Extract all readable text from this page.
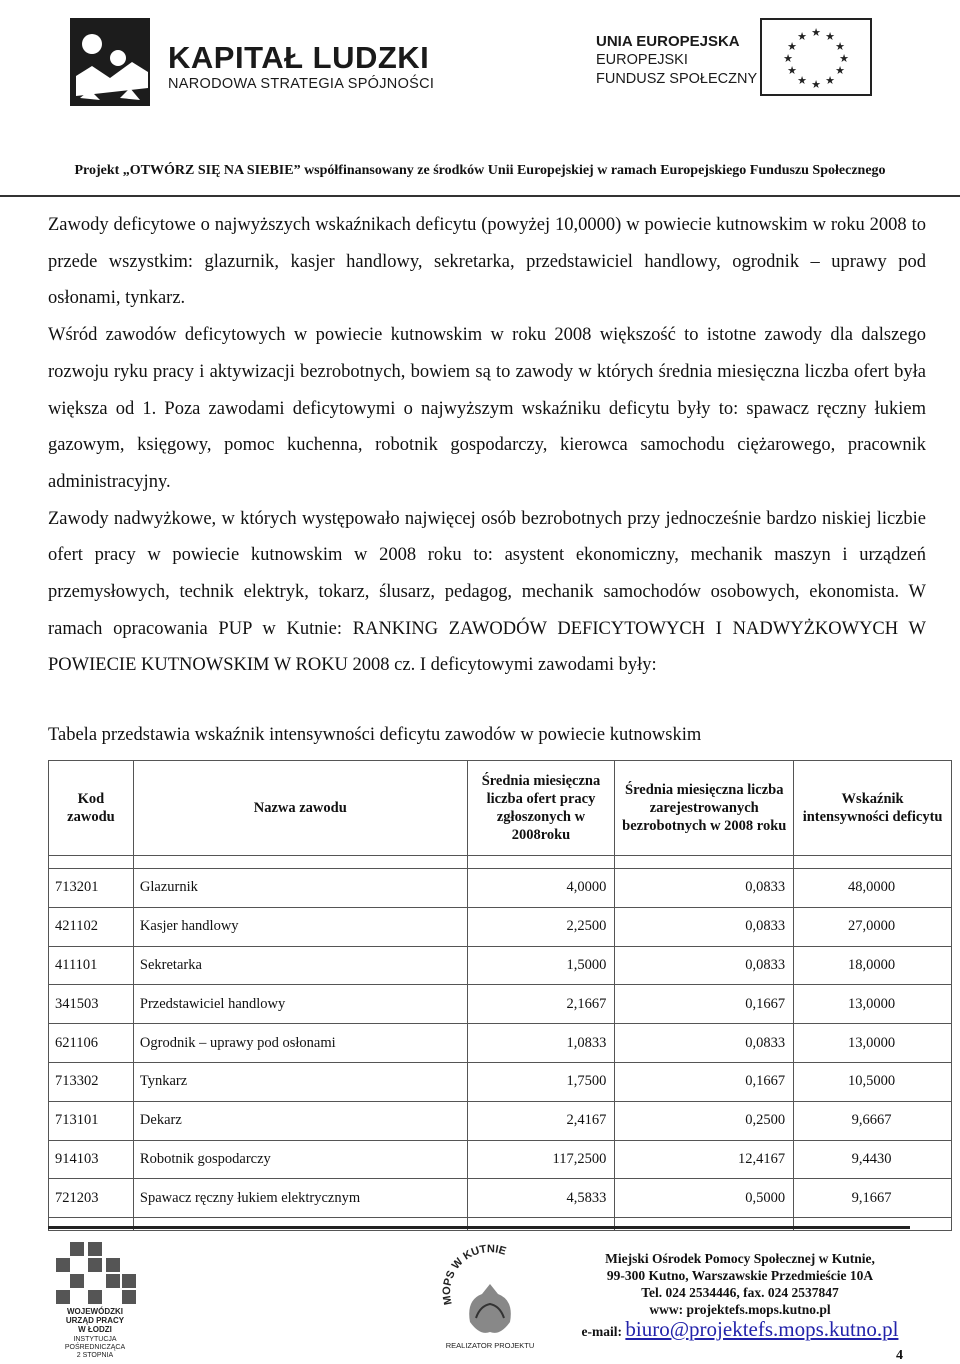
KAPITAŁ LUDZKI
NARODOWA STRATEGIA SPÓJNOŚCI
UNIA EUROPEJSKA
EUROPEJSKI
FUNDUSZ SPOŁECZNY
★ ★
★
★
★
★
★
★
★
★
★
★
Projekt „OTWÓRZ SIĘ NA SIEBIE” współfinansowany ze środków Unii Europejskiej w ramach Europejskiego Funduszu Społecznego

Zawody deficytowe o najwyższych wskaźnikach deficytu (powyżej 10,0000) w powiecie kutnowskim w roku 2008 to przede wszystkim: glazurnik, kasjer handlowy, sekretarka, przedstawiciel handlowy, ogrodnik – uprawy pod osłonami, tynkarz.

Wśród zawodów deficytowych w powiecie kutnowskim w roku 2008 większość to istotne zawody dla dalszego rozwoju ryku pracy i aktywizacji bezrobotnych, bowiem są to zawody w których średnia miesięczna liczba ofert była większa od 1. Poza zawodami deficytowymi o najwyższym wskaźniku deficytu były to: spawacz ręczny łukiem gazowym, księgowy, pomoc kuchenna, robotnik gospodarczy, kierowca samochodu ciężarowego, pracownik administracyjny.

Zawody nadwyżkowe, w których występowało najwięcej osób bezrobotnych przy jednocześnie bardzo niskiej liczbie ofert pracy w powiecie kutnowskim w 2008 roku to: asystent ekonomiczny, mechanik maszyn i urządzeń przemysłowych, technik elektryk, tokarz, ślusarz, pedagog, mechanik samochodów osobowych, ekonomista. W ramach opracowania PUP w Kutnie: RANKING ZAWODÓW DEFICYTOWYCH I NADWYŻKOWYCH W POWIECIE KUTNOWSKIM W ROKU 2008 cz. I deficytowymi zawodami były:

Tabela przedstawia wskaźnik intensywności deficytu zawodów w powiecie kutnowskim
Kod zawodu	Nazwa zawodu	Średnia miesięczna liczba ofert pracy zgłoszonych w 2008roku	Średnia miesięczna liczba zarejestrowanych bezrobotnych w 2008 roku	Wskaźnik intensywności deficytu

713201	Glazurnik	4,0000	0,0833	48,0000
421102	Kasjer handlowy	2,2500	0,0833	27,0000
411101	Sekretarka	1,5000	0,0833	18,0000
341503	Przedstawiciel handlowy	2,1667	0,1667	13,0000
621106	Ogrodnik – uprawy pod osłonami	1,0833	0,0833	13,0000
713302	Tynkarz	1,7500	0,1667	10,5000
713101	Dekarz	2,4167	0,2500	9,6667
914103	Robotnik gospodarczy	117,2500	12,4167	9,4430
721203	Spawacz ręczny łukiem elektrycznym	4,5833	0,5000	9,1667

WOJEWÓDZKI
URZĄD PRACY
W ŁODZI
INSTYTUCJA
POŚREDNICZĄCA
2 STOPNIA
MOPS W KUTNIE
REALIZATOR PROJEKTU
Miejski Ośrodek Pomocy Społecznej w Kutnie,
99-300 Kutno, Warszawskie Przedmieście 10A
Tel. 024 2534446, fax. 024 2537847
www: projektefs.mops.kutno.pl
e-mail: biuro@projektefs.mops.kutno.pl
4
